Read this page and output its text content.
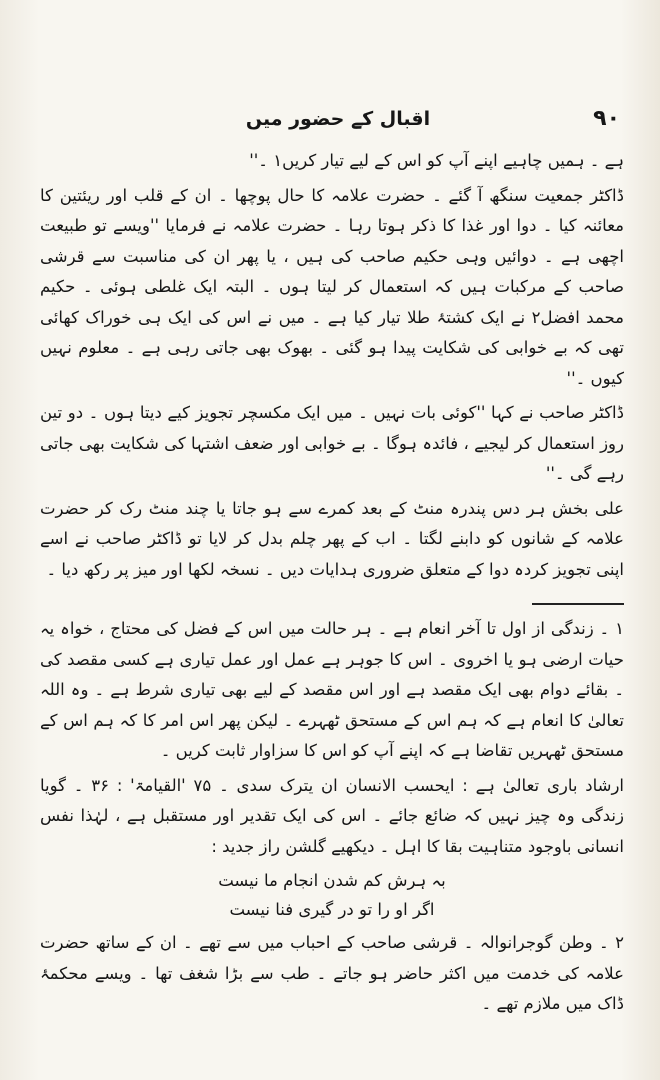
۹۰
اقبال کے حضور میں

ہے ۔ ہمیں چاہیے اپنے آپ کو اس کے لیے تیار کریں۱ ۔''

ڈاکٹر جمعیت سنگھ آ گئے ۔ حضرت علامہ کا حال پوچھا ۔ ان کے قلب اور ریئتین کا معائنہ کیا ۔ دوا اور غذا کا ذکر ہوتا رہا ۔ حضرت علامہ نے فرمایا ''ویسے تو طبیعت اچھی ہے ۔ دوائیں وہی حکیم صاحب کی ہیں ، یا پھر ان کی مناسبت سے قرشی صاحب کے مرکبات ہیں کہ استعمال کر لیتا ہوں ۔ البتہ ایک غلطی ہوئی ۔ حکیم محمد افضل۲ نے ایک کشتۂ طلا تیار کیا ہے ۔ میں نے اس کی ایک ہی خوراک کھائی تھی کہ بے خوابی کی شکایت پیدا ہو گئی ۔ بھوک بھی جاتی رہی ہے ۔ معلوم نہیں کیوں ۔''

ڈاکٹر صاحب نے کہا ''کوئی بات نہیں ۔ میں ایک مکسچر تجویز کیے دیتا ہوں ۔ دو تین روز استعمال کر لیجیے ، فائدہ ہوگا ۔ بے خوابی اور ضعف اشتہا کی شکایت بھی جاتی رہے گی ۔''

علی بخش ہر دس پندرہ منٹ کے بعد کمرے سے ہو جاتا یا چند منٹ رک کر حضرت علامہ کے شانوں کو دابنے لگتا ۔ اب کے پھر چلم بدل کر لایا تو ڈاکٹر صاحب نے اسے اپنی تجویز کردہ دوا کے متعلق ضروری ہدایات دیں ۔ نسخہ لکھا اور میز پر رکھ دیا ۔

۱ ۔ زندگی از اول تا آخر انعام ہے ۔ ہر حالت میں اس کے فضل کی محتاج ، خواہ یہ حیات ارضی ہو یا اخروی ۔ اس کا جوہر ہے عمل اور عمل تیاری ہے کسی مقصد کی ۔ بقائے دوام بھی ایک مقصد ہے اور اس مقصد کے لیے بھی تیاری شرط ہے ۔ وہ اللہ تعالیٰ کا انعام ہے کہ ہم اس کے مستحق ٹھہرے ۔ لیکن پھر اس امر کا کہ ہم اس کے مستحق ٹھہریں تقاضا ہے کہ اپنے آپ کو اس کا سزاوار ثابت کریں ۔

ارشاد باری تعالیٰ ہے : ایحسب الانسان ان یترک سدی ۔ ۷۵ 'القیامۃ' : ۳۶ ۔ گویا زندگی وہ چیز نہیں کہ ضائع جائے ۔ اس کی ایک تقدیر اور مستقبل ہے ، لہٰذا نفس انسانی باوجود متناہیت بقا کا اہل ۔ دیکھیے گلشن راز جدید :

بہ ہرش کم شدن انجام ما نیست
اگر او را تو در گیری فنا نیست

۲ ۔ وطن گوجرانوالہ ۔ قرشی صاحب کے احباب میں سے تھے ۔ ان کے ساتھ حضرت علامہ کی خدمت میں اکثر حاضر ہو جاتے ۔ طب سے بڑا شغف تھا ۔ ویسے محکمۂ ڈاک میں ملازم تھے ۔
